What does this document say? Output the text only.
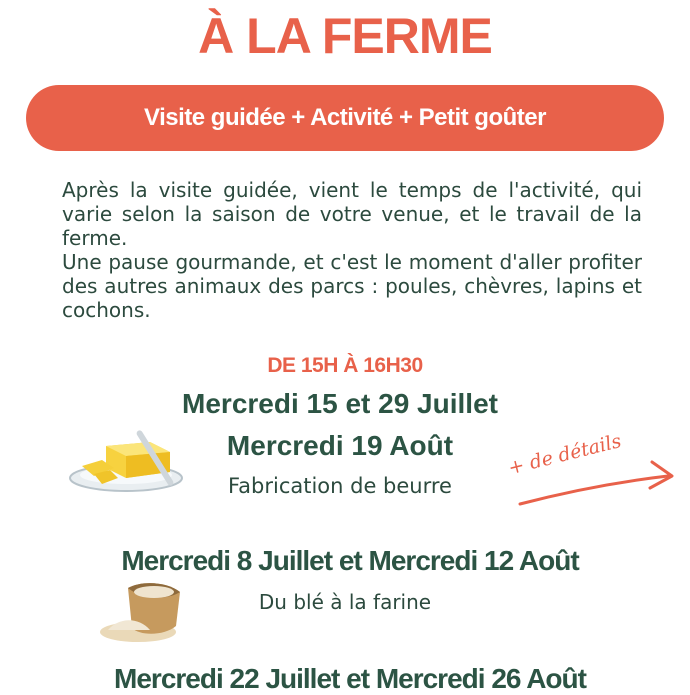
À LA FERME
Visite guidée + Activité + Petit goûter

Après la visite guidée, vient le temps de l'activité, qui varie selon la saison de votre venue, et le travail de la ferme.

Une pause gourmande, et c'est le moment d'aller profiter des autres animaux des parcs : poules, chèvres, lapins et cochons.

DE 15H À 16H30
Mercredi 15 et 29 Juillet
Mercredi 19 Août
Fabrication de beurre
+ de détails
Mercredi 8 Juillet et Mercredi 12 Août
Du blé à la farine
Mercredi 22 Juillet et Mercredi 26 Août
